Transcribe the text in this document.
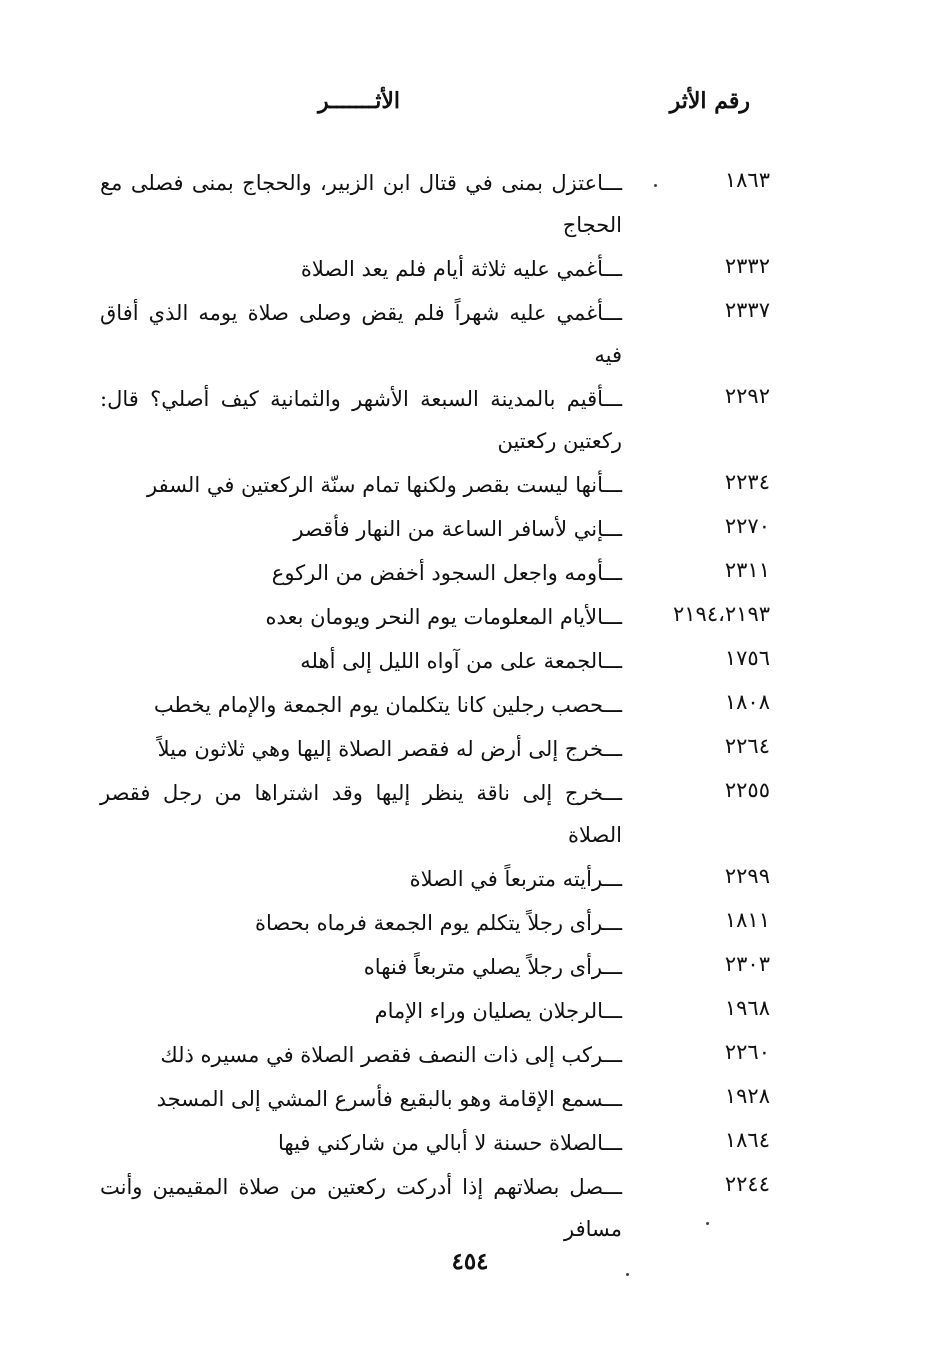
رقم الأثر
الأثـــــــر
١٨٦٣
ـــ اعتزل بمنى في قتال ابن الزبير، والحجاج بمنى فصلى مع الحجاج
٢٣٣٢
ـــ أغمي عليه ثلاثة أيام فلم يعد الصلاة
٢٣٣٧
ـــ أغمي عليه شهراً فلم يقض وصلى صلاة يومه الذي أفاق فيه
٢٢٩٢
ـــ أقيم بالمدينة السبعة الأشهر والثمانية كيف أصلي؟ قال: ركعتين ركعتين
٢٢٣٤
ـــ أنها ليست بقصر ولكنها تمام سنّة الركعتين في السفر
٢٢٧٠
ـــ إني لأسافر الساعة من النهار فأقصر
٢٣١١
ـــ أومه واجعل السجود أخفض من الركوع
٢١٩٤،٢١٩٣
ـــ الأيام المعلومات يوم النحر ويومان بعده
١٧٥٦
ـــ الجمعة على من آواه الليل إلى أهله
١٨٠٨
ـــ حصب رجلين كانا يتكلمان يوم الجمعة والإمام يخطب
٢٢٦٤
ـــ خرج إلى أرض له فقصر الصلاة إليها وهي ثلاثون ميلاً
٢٢٥٥
ـــ خرج إلى ناقة ينظر إليها وقد اشتراها من رجل فقصر الصلاة
٢٢٩٩
ـــ رأيته متربعاً في الصلاة
١٨١١
ـــ رأى رجلاً يتكلم يوم الجمعة فرماه بحصاة
٢٣٠٣
ـــ رأى رجلاً يصلي متربعاً فنهاه
١٩٦٨
ـــ الرجلان يصليان وراء الإمام
٢٢٦٠
ـــ ركب إلى ذات النصف فقصر الصلاة في مسيره ذلك
١٩٢٨
ـــ سمع الإقامة وهو بالبقيع فأسرع المشي إلى المسجد
١٨٦٤
ـــ الصلاة حسنة لا أبالي من شاركني فيها
٢٢٤٤
ـــ صل بصلاتهم إذا أدركت ركعتين من صلاة المقيمين وأنت مسافر
٤٥٤
